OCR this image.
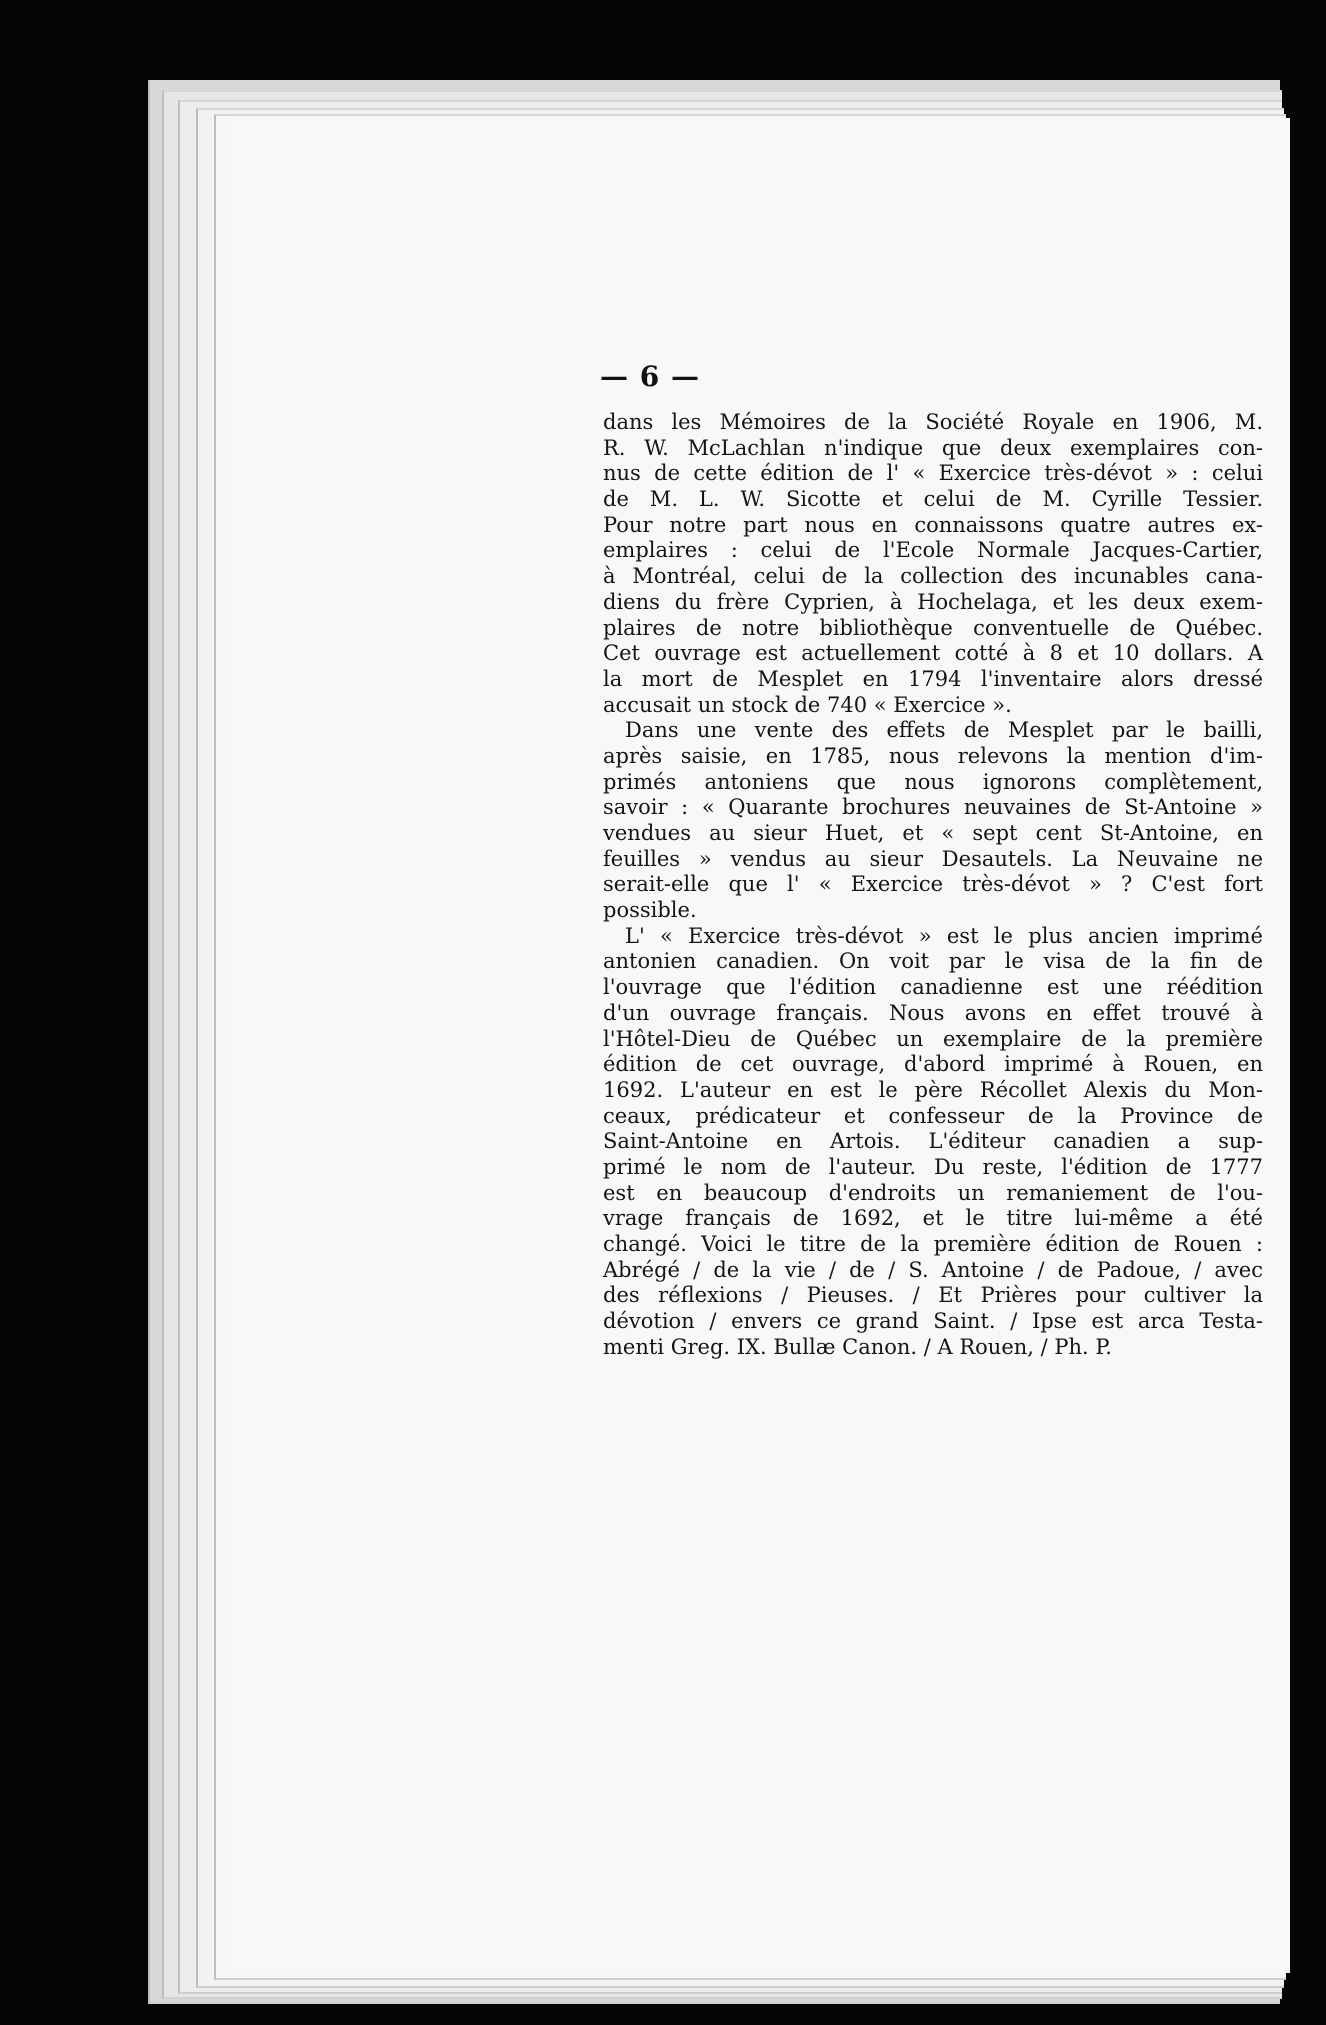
— 6 —
dans les Mémoires de la Société Royale en 1906, M.
R. W. McLachlan n'indique que deux exemplaires con-
nus de cette édition de l' « Exercice très-dévot » : celui
de M. L. W. Sicotte et celui de M. Cyrille Tessier.
Pour notre part nous en connaissons quatre autres ex-
emplaires : celui de l'Ecole Normale Jacques-Cartier,
à Montréal, celui de la collection des incunables cana-
diens du frère Cyprien, à Hochelaga, et les deux exem-
plaires de notre bibliothèque conventuelle de Québec.
Cet ouvrage est actuellement cotté à 8 et 10 dollars. A
la mort de Mesplet en 1794 l'inventaire alors dressé
accusait un stock de 740 « Exercice ».
Dans une vente des effets de Mesplet par le bailli,
après saisie, en 1785, nous relevons la mention d'im-
primés antoniens que nous ignorons complètement,
savoir : « Quarante brochures neuvaines de St-Antoine »
vendues au sieur Huet, et « sept cent St-Antoine, en
feuilles » vendus au sieur Desautels. La Neuvaine ne
serait-elle que l' « Exercice très-dévot » ? C'est fort
possible.
L' « Exercice très-dévot » est le plus ancien imprimé
antonien canadien. On voit par le visa de la fin de
l'ouvrage que l'édition canadienne est une réédition
d'un ouvrage français. Nous avons en effet trouvé à
l'Hôtel-Dieu de Québec un exemplaire de la première
édition de cet ouvrage, d'abord imprimé à Rouen, en
1692. L'auteur en est le père Récollet Alexis du Mon-
ceaux, prédicateur et confesseur de la Province de
Saint-Antoine en Artois. L'éditeur canadien a sup-
primé le nom de l'auteur. Du reste, l'édition de 1777
est en beaucoup d'endroits un remaniement de l'ou-
vrage français de 1692, et le titre lui-même a été
changé. Voici le titre de la première édition de Rouen :
Abrégé / de la vie / de / S. Antoine / de Padoue, / avec
des réflexions / Pieuses. / Et Prières pour cultiver la
dévotion / envers ce grand Saint. / Ipse est arca Testa-
menti Greg. IX. Bullæ Canon. / A Rouen, / Ph. P.
